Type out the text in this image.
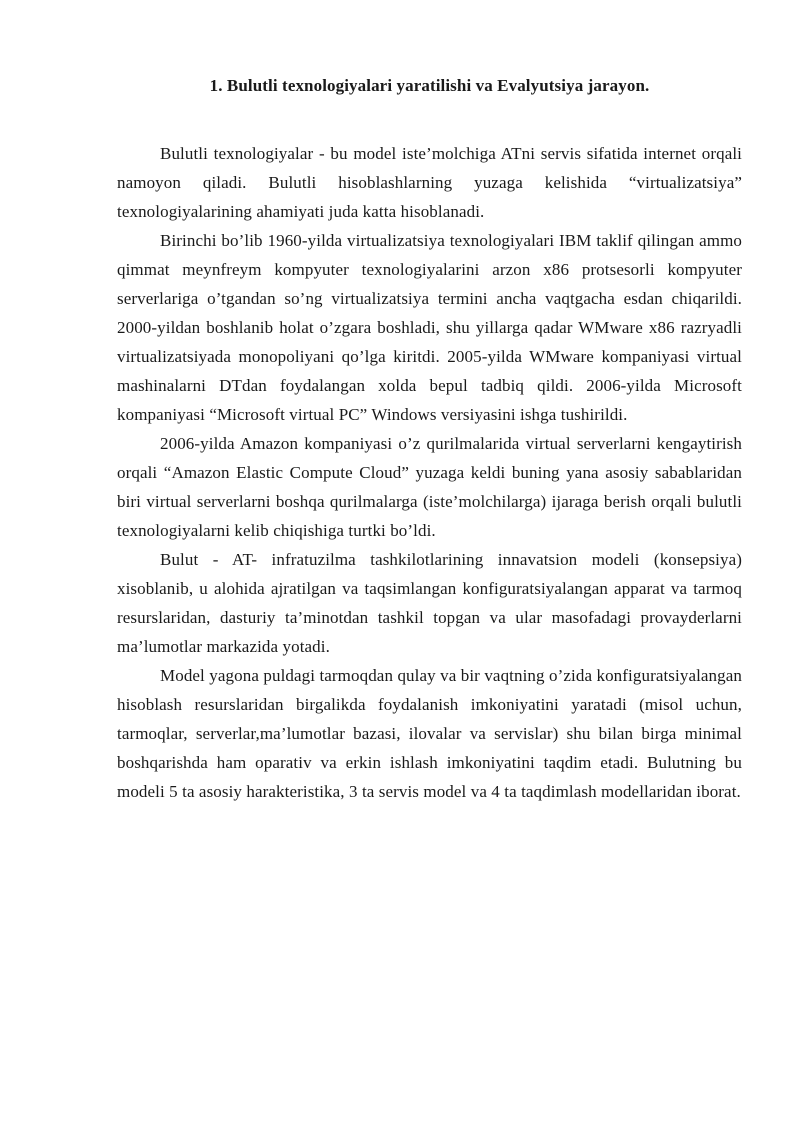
1. Bulutli texnologiyalari yaratilishi va Evalyutsiya jarayon.

Bulutli texnologiyalar - bu model iste’molchiga ATni servis sifatida internet orqali namoyon qiladi. Bulutli hisoblashlarning yuzaga kelishida “virtualizatsiya” texnologiyalarining ahamiyati juda katta hisoblanadi.

Birinchi bo’lib 1960-yilda virtualizatsiya texnologiyalari IBM taklif qilingan ammo qimmat meynfreym kompyuter texnologiyalarini arzon x86 protsesorli kompyuter serverlariga o’tgandan so’ng virtualizatsiya termini ancha vaqtgacha esdan chiqarildi. 2000-yildan boshlanib holat o’zgara boshladi, shu yillarga qadar WMware x86 razryadli virtualizatsiyada monopoliyani qo’lga kiritdi. 2005-yilda WMware kompaniyasi virtual mashinalarni DTdan foydalangan xolda bepul tadbiq qildi. 2006-yilda Microsoft kompaniyasi “Microsoft virtual PC” Windows versiyasini ishga tushirildi.

2006-yilda Amazon kompaniyasi o’z qurilmalarida virtual serverlarni kengaytirish orqali “Amazon Elastic Compute Cloud” yuzaga keldi buning yana asosiy sabablaridan biri virtual serverlarni boshqa qurilmalarga (iste’molchilarga) ijaraga berish orqali bulutli texnologiyalarni kelib chiqishiga turtki bo’ldi.

Bulut - AT- infratuzilma tashkilotlarining innavatsion modeli (konsepsiya) xisoblanib, u alohida ajratilgan va taqsimlangan konfiguratsiyalangan apparat va tarmoq resurslaridan, dasturiy ta’minotdan tashkil topgan va ular masofadagi provayderlarni ma’lumotlar markazida yotadi.

Model yagona puldagi tarmoqdan qulay va bir vaqtning o’zida konfiguratsiyalangan hisoblash resurslaridan birgalikda foydalanish imkoniyatini yaratadi (misol uchun, tarmoqlar, serverlar,ma’lumotlar bazasi, ilovalar va servislar) shu bilan birga minimal boshqarishda ham oparativ va erkin ishlash imkoniyatini taqdim etadi. Bulutning bu modeli 5 ta asosiy harakteristika, 3 ta servis model va 4 ta taqdimlash modellaridan iborat.
